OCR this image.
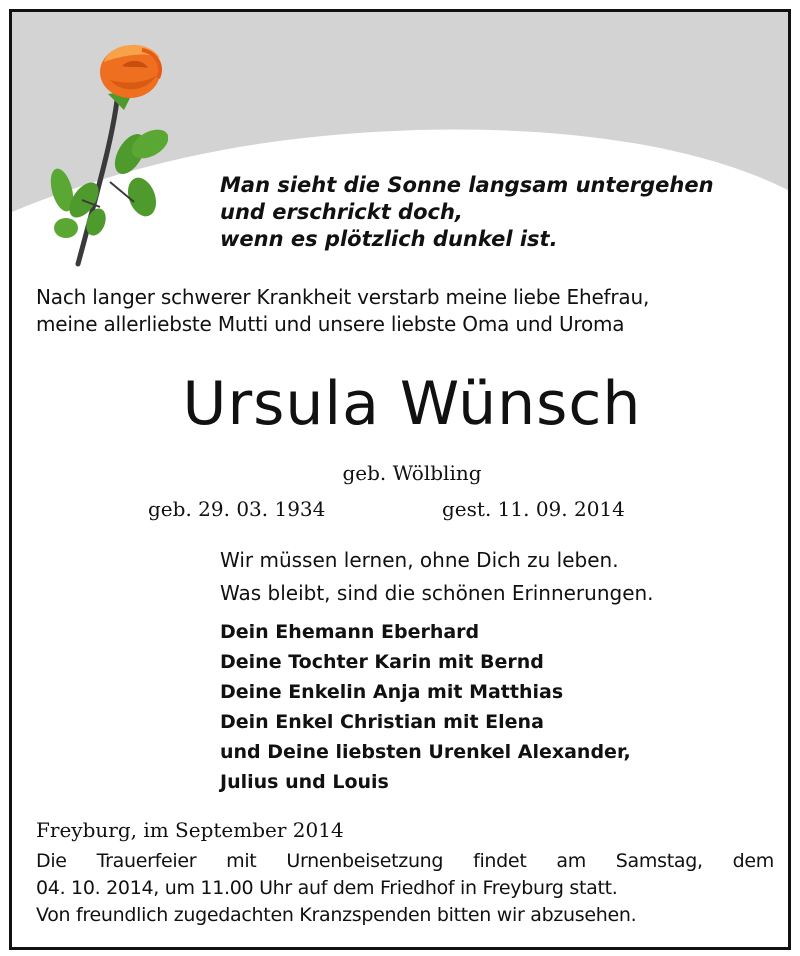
Man sieht die Sonne langsam untergehen
und erschrickt doch,
wenn es plötzlich dunkel ist.
Nach langer schwerer Krankheit verstarb meine liebe Ehefrau,
meine allerliebste Mutti und unsere liebste Oma und Uroma
Ursula Wünsch
geb. Wölbling
geb. 29. 03. 1934	gest. 11. 09. 2014
Wir müssen lernen, ohne Dich zu leben.
Was bleibt, sind die schönen Erinnerungen.
Dein Ehemann Eberhard
Deine Tochter Karin mit Bernd
Deine Enkelin Anja mit Matthias
Dein Enkel Christian mit Elena
und Deine liebsten Urenkel Alexander,
Julius und Louis
Freyburg, im September 2014
Die Trauerfeier mit Urnenbeisetzung findet am Samstag, dem
04. 10. 2014, um 11.00 Uhr auf dem Friedhof in Freyburg statt.
Von freundlich zugedachten Kranzspenden bitten wir abzusehen.
